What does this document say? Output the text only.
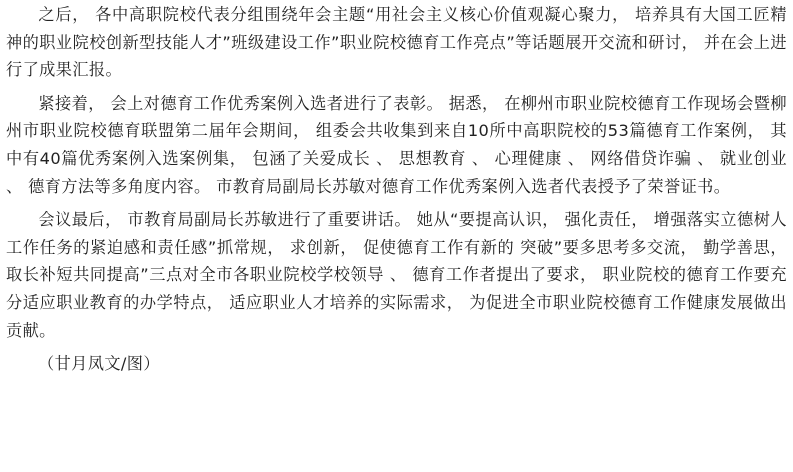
之后， 各中高职院校代表分组围绕年会主题“用社会主义核心价值观凝心聚力， 培养具有大国工匠精神的职业院校创新型技能人才”班级建设工作”职业院校德育工作亮点”等话题展开交流和研讨， 并在会上进行了成果汇报。

紧接着， 会上对德育工作优秀案例入选者进行了表彰。 据悉， 在柳州市职业院校德育工作现场会暨柳州市职业院校德育联盟第二届年会期间， 组委会共收集到来自10所中高职院校的53篇德育工作案例， 其中有40篇优秀案例入选案例集， 包涵了关爱成长 、 思想教育 、 心理健康 、 网络借贷诈骗 、 就业创业 、 德育方法等多角度内容。 市教育局副局长苏敏对德育工作优秀案例入选者代表授予了荣誉证书。

会议最后， 市教育局副局长苏敏进行了重要讲话。 她从“要提高认识， 强化责任， 增强落实立德树人工作任务的紧迫感和责任感”抓常规， 求创新， 促使德育工作有新的 突破”要多思考多交流， 勤学善思， 取长补短共同提高”三点对全市各职业院校学校领导 、 德育工作者提出了要求， 职业院校的德育工作要充分适应职业教育的办学特点， 适应职业人才培养的实际需求， 为促进全市职业院校德育工作健康发展做出贡献。

（甘月凤文/图）
